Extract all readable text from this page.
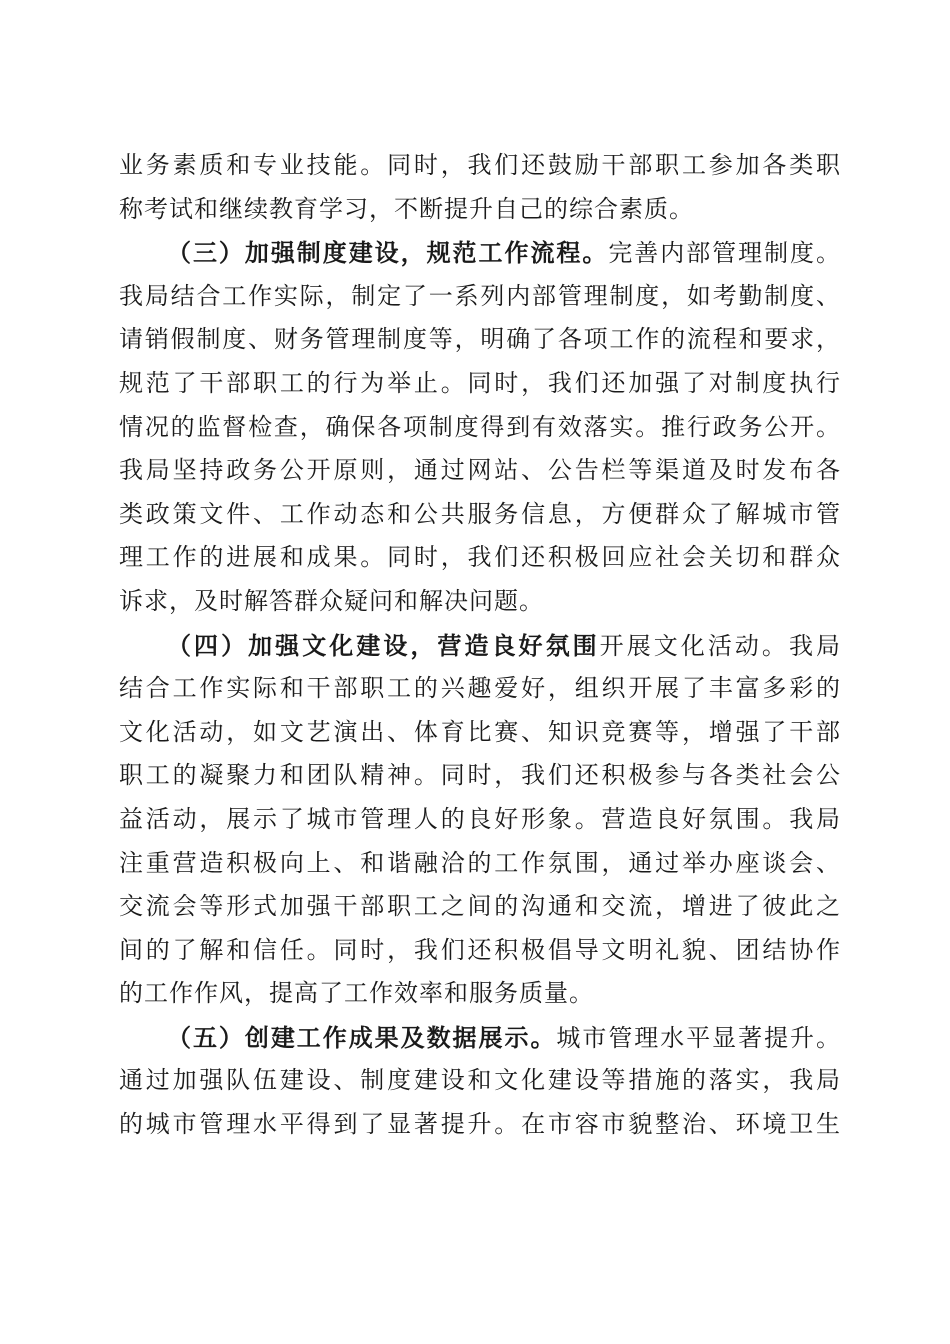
业务素质和专业技能。同时，我们还鼓励干部职工参加各类职
称考试和继续教育学习，不断提升自己的综合素质。
（三）加强制度建设，规范工作流程。完善内部管理制度。
我局结合工作实际，制定了一系列内部管理制度，如考勤制度、
请销假制度、财务管理制度等，明确了各项工作的流程和要求，
规范了干部职工的行为举止。同时，我们还加强了对制度执行
情况的监督检查，确保各项制度得到有效落实。推行政务公开。
我局坚持政务公开原则，通过网站、公告栏等渠道及时发布各
类政策文件、工作动态和公共服务信息，方便群众了解城市管
理工作的进展和成果。同时，我们还积极回应社会关切和群众
诉求，及时解答群众疑问和解决问题。
（四）加强文化建设，营造良好氛围开展文化活动。我局
结合工作实际和干部职工的兴趣爱好，组织开展了丰富多彩的
文化活动，如文艺演出、体育比赛、知识竞赛等，增强了干部
职工的凝聚力和团队精神。同时，我们还积极参与各类社会公
益活动，展示了城市管理人的良好形象。营造良好氛围。我局
注重营造积极向上、和谐融洽的工作氛围，通过举办座谈会、
交流会等形式加强干部职工之间的沟通和交流，增进了彼此之
间的了解和信任。同时，我们还积极倡导文明礼貌、团结协作
的工作作风，提高了工作效率和服务质量。
（五）创建工作成果及数据展示。城市管理水平显著提升。
通过加强队伍建设、制度建设和文化建设等措施的落实，我局
的城市管理水平得到了显著提升。在市容市貌整治、环境卫生
